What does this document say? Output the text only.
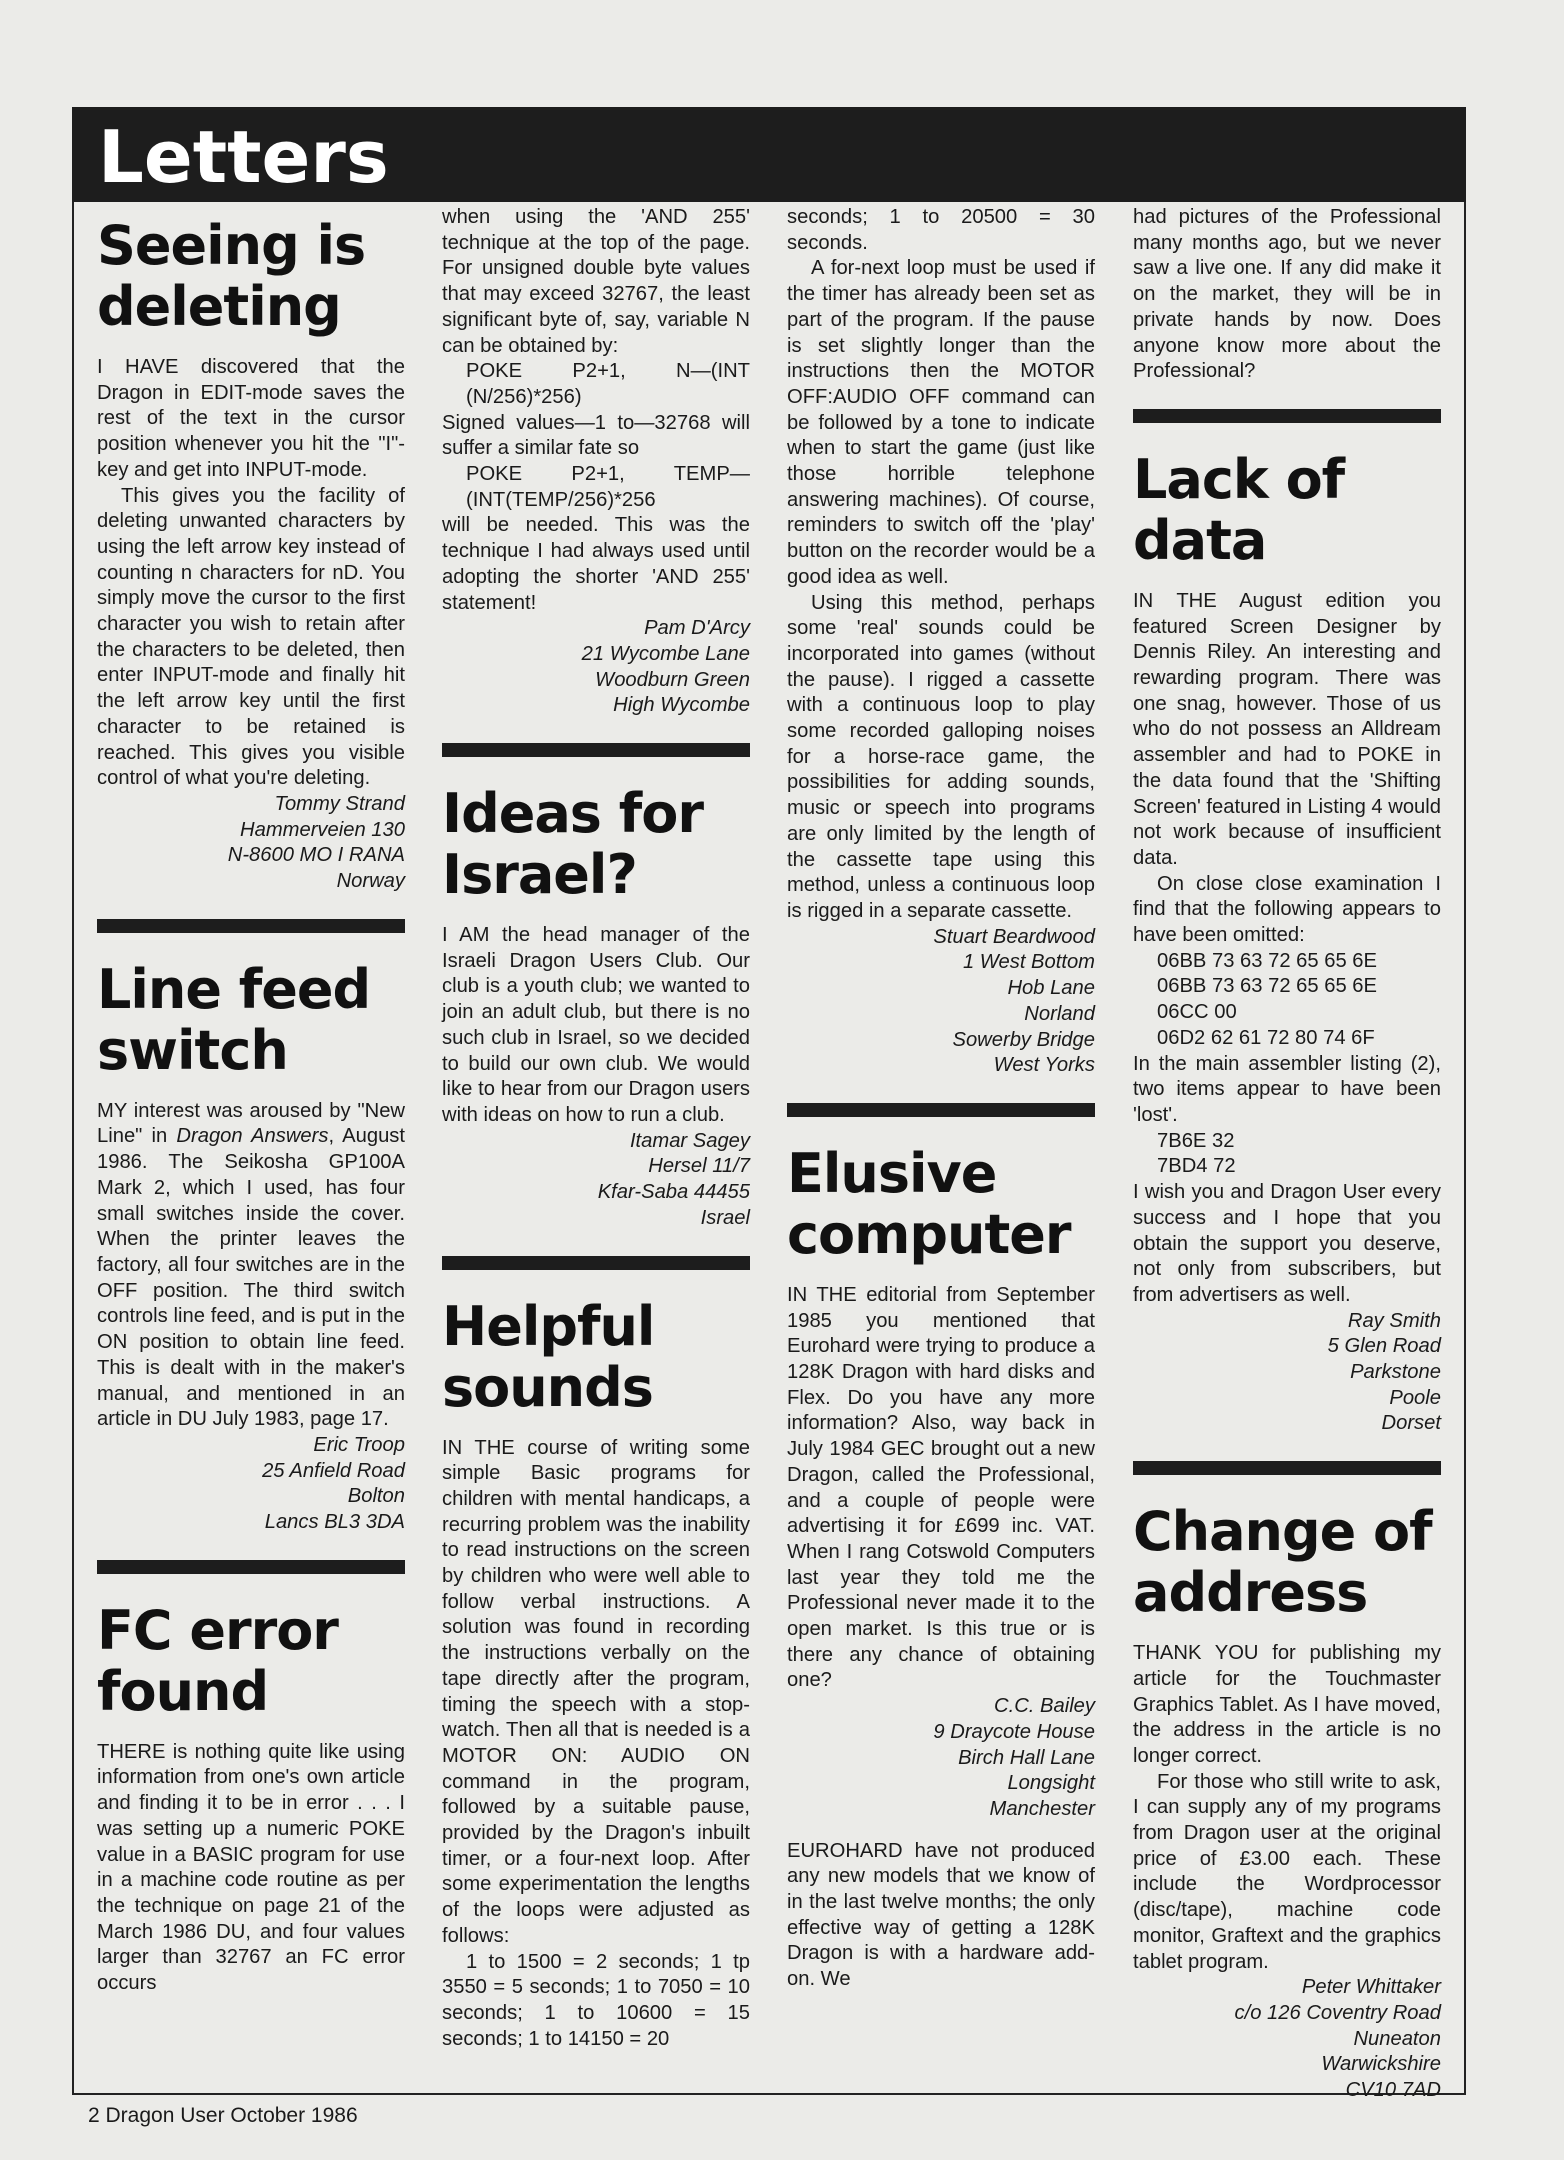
Letters
Seeing is deleting

I HAVE discovered that the Dragon in EDIT-mode saves the rest of the text in the cursor position whenever you hit the "I"-key and get into INPUT-mode.

This gives you the facility of deleting unwanted characters by using the left arrow key instead of counting n characters for nD. You simply move the cursor to the first character you wish to retain after the characters to be deleted, then enter INPUT-mode and finally hit the left arrow key until the first character to be retained is reached. This gives you visible control of what you're deleting.

Tommy Strand
Hammerveien 130
N-8600 MO I RANA
Norway
Line feed switch

MY interest was aroused by "New Line" in Dragon Answers, August 1986. The Seikosha GP100A Mark 2, which I used, has four small switches inside the cover. When the printer leaves the factory, all four switches are in the OFF position. The third switch controls line feed, and is put in the ON position to obtain line feed. This is dealt with in the maker's manual, and mentioned in an article in DU July 1983, page 17.

Eric Troop
25 Anfield Road
Bolton
Lancs BL3 3DA
FC error found

THERE is nothing quite like using information from one's own article and finding it to be in error . . . I was setting up a numeric POKE value in a BASIC program for use in a machine code routine as per the technique on page 21 of the March 1986 DU, and four values larger than 32767 an FC error occurs

when using the 'AND 255' technique at the top of the page. For unsigned double byte values that may exceed 32767, the least significant byte of, say, variable N can be obtained by:

POKE P2+1, N—(INT (N/256)*256)

Signed values—1 to—32768 will suffer a similar fate so

POKE P2+1, TEMP—(INT(TEMP/256)*256

will be needed. This was the technique I had always used until adopting the shorter 'AND 255' statement!

Pam D'Arcy
21 Wycombe Lane
Woodburn Green
High Wycombe
Ideas for Israel?

I AM the head manager of the Israeli Dragon Users Club. Our club is a youth club; we wanted to join an adult club, but there is no such club in Israel, so we decided to build our own club. We would like to hear from our Dragon users with ideas on how to run a club.

Itamar Sagey
Hersel 11/7
Kfar-Saba 44455
Israel
Helpful sounds

IN THE course of writing some simple Basic programs for children with mental handicaps, a recurring problem was the inability to read instructions on the screen by children who were well able to follow verbal instructions. A solution was found in recording the instructions verbally on the tape directly after the program, timing the speech with a stop-watch. Then all that is needed is a MOTOR ON: AUDIO ON command in the program, followed by a suitable pause, provided by the Dragon's inbuilt timer, or a four-next loop. After some experimentation the lengths of the loops were adjusted as follows:

1 to 1500 = 2 seconds; 1 tp 3550 = 5 seconds; 1 to 7050 = 10 seconds; 1 to 10600 = 15 seconds; 1 to 14150 = 20

seconds; 1 to 20500 = 30 seconds.

A for-next loop must be used if the timer has already been set as part of the program. If the pause is set slightly longer than the instructions then the MOTOR OFF:AUDIO OFF command can be followed by a tone to indicate when to start the game (just like those horrible telephone answering machines). Of course, reminders to switch off the 'play' button on the recorder would be a good idea as well.

Using this method, perhaps some 'real' sounds could be incorporated into games (without the pause). I rigged a cassette with a continuous loop to play some recorded galloping noises for a horse-race game, the possibilities for adding sounds, music or speech into programs are only limited by the length of the cassette tape using this method, unless a continuous loop is rigged in a separate cassette.

Stuart Beardwood
1 West Bottom
Hob Lane
Norland
Sowerby Bridge
West Yorks
Elusive computer

IN THE editorial from September 1985 you mentioned that Eurohard were trying to produce a 128K Dragon with hard disks and Flex. Do you have any more information? Also, way back in July 1984 GEC brought out a new Dragon, called the Professional, and a couple of people were advertising it for £699 inc. VAT. When I rang Cotswold Computers last year they told me the Professional never made it to the open market. Is this true or is there any chance of obtaining one?

C.C. Bailey
9 Draycote House
Birch Hall Lane
Longsight
Manchester

EUROHARD have not produced any new models that we know of in the last twelve months; the only effective way of getting a 128K Dragon is with a hardware add-on. We

had pictures of the Professional many months ago, but we never saw a live one. If any did make it on the market, they will be in private hands by now. Does anyone know more about the Professional?

Lack of data

IN THE August edition you featured Screen Designer by Dennis Riley. An interesting and rewarding program. There was one snag, however. Those of us who do not possess an Alldream assembler and had to POKE in the data found that the 'Shifting Screen' featured in Listing 4 would not work because of insufficient data.

On close close examination I find that the following appears to have been omitted:

06BB 73 63 72 65 65 6E
06BB 73 63 72 65 65 6E
06CC 00
06D2 62 61 72 80 74 6F

In the main assembler listing (2), two items appear to have been 'lost'.

7B6E 32
7BD4 72

I wish you and Dragon User every success and I hope that you obtain the support you deserve, not only from subscribers, but from advertisers as well.

Ray Smith
5 Glen Road
Parkstone
Poole
Dorset
Change of address

THANK YOU for publishing my article for the Touchmaster Graphics Tablet. As I have moved, the address in the article is no longer correct.

For those who still write to ask, I can supply any of my programs from Dragon user at the original price of £3.00 each. These include the Wordprocessor (disc/tape), machine code monitor, Graftext and the graphics tablet program.

Peter Whittaker
c/o 126 Coventry Road
Nuneaton
Warwickshire
CV10 7AD
2 Dragon User October 1986
